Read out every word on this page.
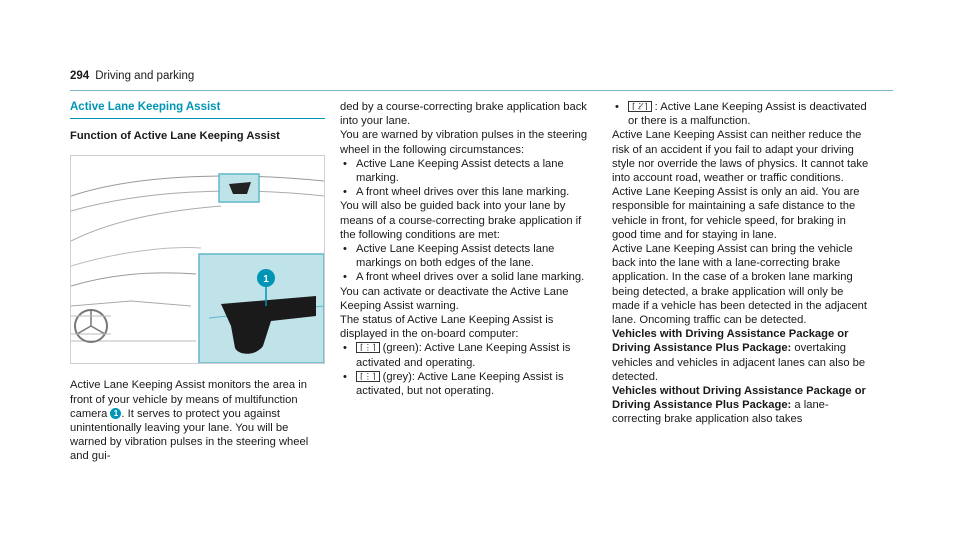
294 Driving and parking
Active Lane Keeping Assist
Function of Active Lane Keeping Assist
1

Active Lane Keeping Assist monitors the area in front of your vehicle by means of multifunction camera 1 . It serves to protect you against unintentionally leaving your lane. You will be warned by vibration pulses in the steering wheel and gui-

ded by a course-correcting brake application back into your lane.

You are warned by vibration pulses in the steering wheel in the following circumstances:

• Active Lane Keeping Assist detects a lane marking.
• A front wheel drives over this lane marking.

You will also be guided back into your lane by means of a course-correcting brake application if the following conditions are met:

• Active Lane Keeping Assist detects lane markings on both edges of the lane.
• A front wheel drives over a solid lane marking.

You can activate or deactivate the Active Lane Keeping Assist warning.

The status of Active Lane Keeping Assist is displayed in the on-board computer:

• ⌈⋮⌉ (green): Active Lane Keeping Assist is activated and operating.
• ⌈⋮⌉ (grey): Active Lane Keeping Assist is activated, but not operating.
• ⌈⋮̸⌉ : Active Lane Keeping Assist is deactivated or there is a malfunction.

Active Lane Keeping Assist can neither reduce the risk of an accident if you fail to adapt your driving style nor override the laws of physics. It cannot take into account road, weather or traffic conditions. Active Lane Keeping Assist is only an aid. You are responsible for maintaining a safe distance to the vehicle in front, for vehicle speed, for braking in good time and for staying in lane.

Active Lane Keeping Assist can bring the vehicle back into the lane with a lane-correcting brake application. In the case of a broken lane marking being detected, a brake application will only be made if a vehicle has been detected in the adjacent lane. Oncoming traffic can be detected.

Vehicles with Driving Assistance Package or Driving Assistance Plus Package: overtaking vehicles and vehicles in adjacent lanes can also be detected.

Vehicles without Driving Assistance Package or Driving Assistance Plus Package: a lane-correcting brake application also takes
